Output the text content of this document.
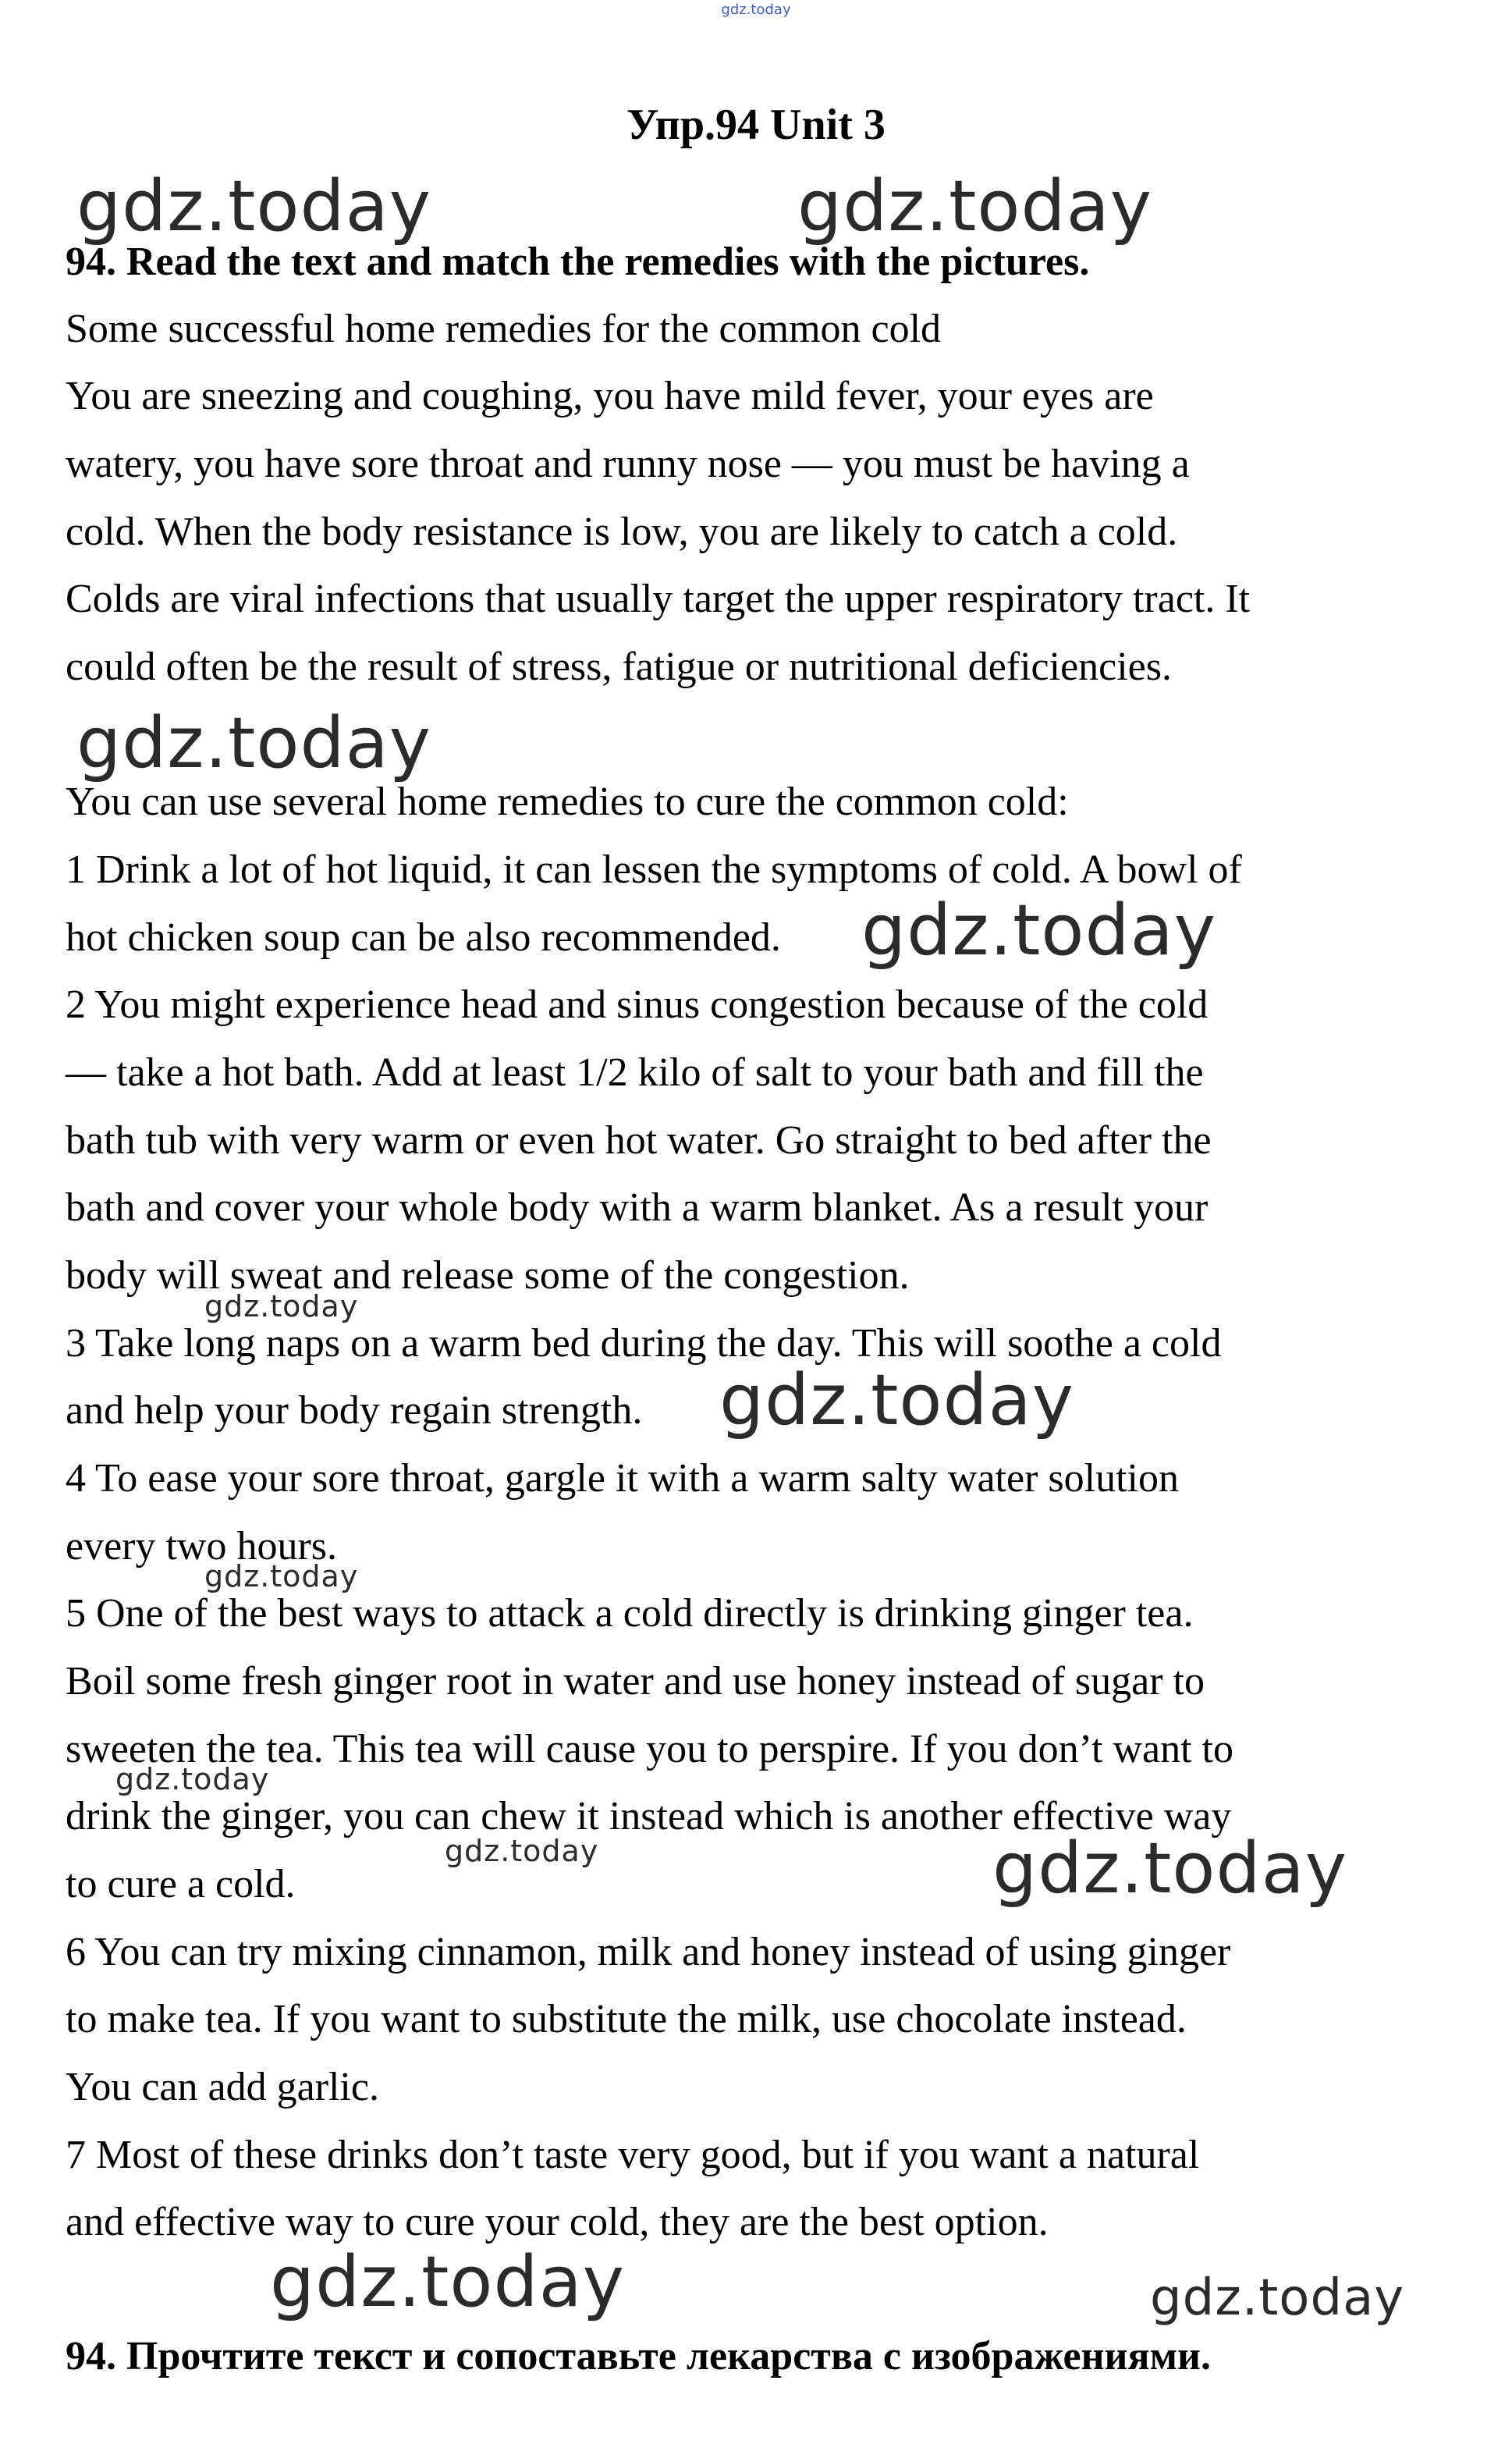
gdz.today
Упр.94 Unit 3
94. Read the text and match the remedies with the pictures.
Some successful home remedies for the common cold
You are sneezing and coughing, you have mild fever, your eyes are
watery, you have sore throat and runny nose — you must be having a
cold. When the body resistance is low, you are likely to catch a cold.
Colds are viral infections that usually target the upper respiratory tract. It
could often be the result of stress, fatigue or nutritional deficiencies.
You can use several home remedies to cure the common cold:
1 Drink a lot of hot liquid, it can lessen the symptoms of cold. A bowl of
hot chicken soup can be also recommended.
2 You might experience head and sinus congestion because of the cold
— take a hot bath. Add at least 1/2 kilo of salt to your bath and fill the
bath tub with very warm or even hot water. Go straight to bed after the
bath and cover your whole body with a warm blanket. As a result your
body will sweat and release some of the congestion.
3 Take long naps on a warm bed during the day. This will soothe a cold
and help your body regain strength.
4 To ease your sore throat, gargle it with a warm salty water solution
every two hours.
5 One of the best ways to attack a cold directly is drinking ginger tea.
Boil some fresh ginger root in water and use honey instead of sugar to
sweeten the tea. This tea will cause you to perspire. If you don’t want to
drink the ginger, you can chew it instead which is another effective way
to cure a cold.
6 You can try mixing cinnamon, milk and honey instead of using ginger
to make tea. If you want to substitute the milk, use chocolate instead.
You can add garlic.
7 Most of these drinks don’t taste very good, but if you want a natural
and effective way to cure your cold, they are the best option.
94. Прочтите текст и сопоставьте лекарства с изображениями.
gdz.today	gdz.today
gdz.today
gdz.today
gdz.today
gdz.today
gdz.today
gdz.today
gdz.today	gdz.today
gdz.today	gdz.today
